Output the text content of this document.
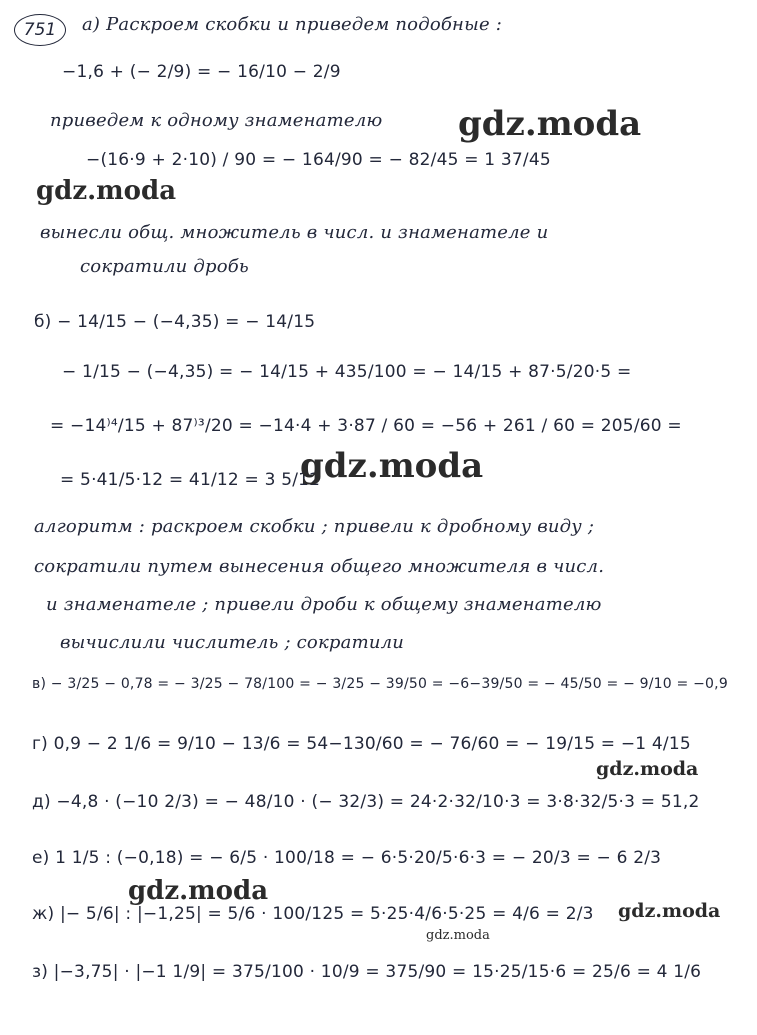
751	а) Раскроем скобки и приведем подобные :
−1,6 + (− 2/9) = − 16/10 − 2/9
приведем к одному знаменателю
−(16·9 + 2·10) / 90 = − 164/90 = − 82/45 = 1 37/45
вынесли общ. множитель в числ. и знаменателе и
сократили дробь
б) − 14/15 − (−4,35) = − 14/15
− 1/15 − (−4,35) = − 14/15 + 435/100 = − 14/15 + 87·5/20·5 =
= −14⁾⁴/15 + 87⁾³/20 = −14·4 + 3·87 / 60 = −56 + 261 / 60 = 205/60 =
= 5·41/5·12 = 41/12 = 3 5/12
алгоритм : раскроем скобки ; привели к дробному виду ;
сократили путем вынесения общего множителя в числ.
и знаменателе ; привели дроби к общему знаменателю
вычислили числитель ; сократили
в) − 3/25 − 0,78 = − 3/25 − 78/100 = − 3/25 − 39/50 = −6−39/50 = − 45/50 = − 9/10 = −0,9
г) 0,9 − 2 1/6 = 9/10 − 13/6 = 54−130/60 = − 76/60 = − 19/15 = −1 4/15
д) −4,8 · (−10 2/3) = − 48/10 · (− 32/3) = 24·2·32/10·3 = 3·8·32/5·3 = 51,2
е) 1 1/5 : (−0,18) = − 6/5 · 100/18 = − 6·5·20/5·6·3 = − 20/3 = − 6 2/3
ж) |− 5/6| : |−1,25| = 5/6 · 100/125 = 5·25·4/6·5·25 = 4/6 = 2/3
з) |−3,75| · |−1 1/9| = 375/100 · 10/9 = 375/90 = 15·25/15·6 = 25/6 = 4 1/6
gdz.moda
gdz.moda
gdz.moda
gdz.moda
gdz.moda
gdz.moda
gdz.moda
